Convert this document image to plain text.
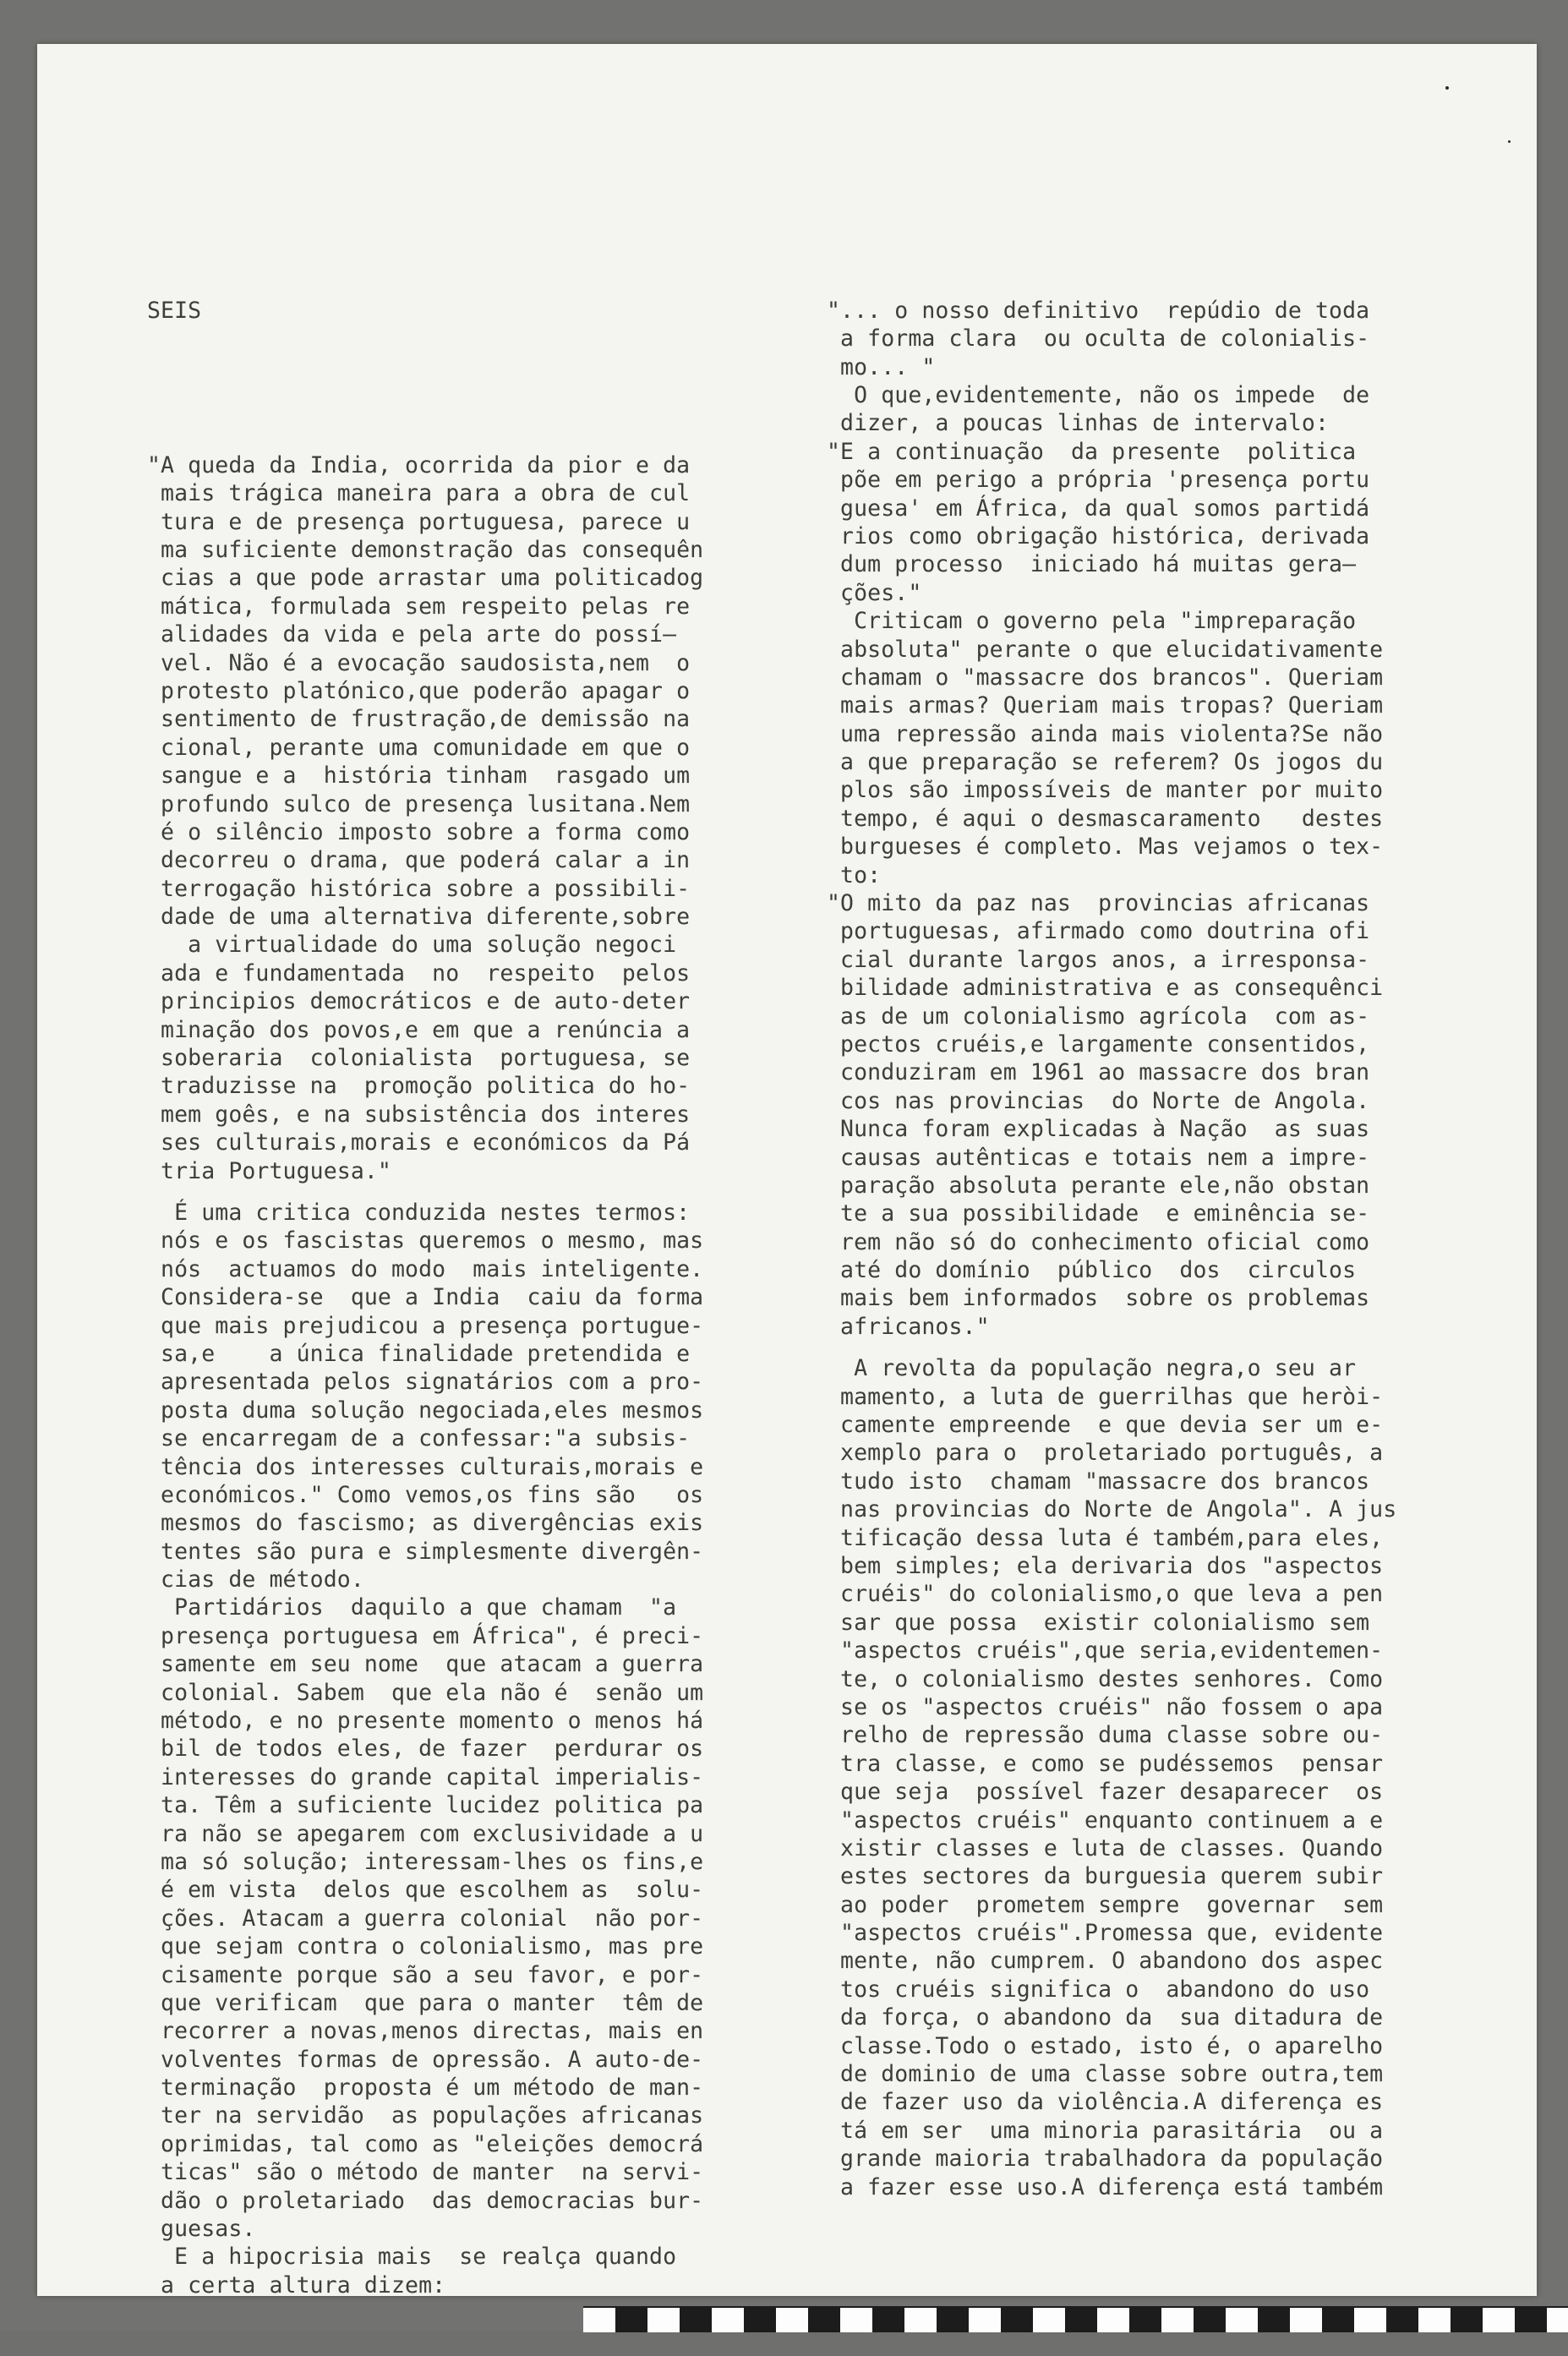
SEIS

"A queda da India, ocorrida da pior e da
mais trágica maneira para a obra de cul
tura e de presença portuguesa, parece u
ma suficiente demonstração das consequên
cias a que pode arrastar uma politicadog
mática, formulada sem respeito pelas re
alidades da vida e pela arte do possí—
vel. Não é a evocação saudosista,nem  o
protesto platónico,que poderão apagar o
sentimento de frustração,de demissão na
cional, perante uma comunidade em que o
sangue e a  história tinham  rasgado um
profundo sulco de presença lusitana.Nem
é o silêncio imposto sobre a forma como
decorreu o drama, que poderá calar a in
terrogação histórica sobre a possibili-
dade de uma alternativa diferente,sobre
a virtualidade do uma solução negoci
ada e fundamentada  no  respeito  pelos
principios democráticos e de auto-deter
minação dos povos,e em que a renúncia a
soberaria  colonialista  portuguesa, se
traduzisse na  promoção politica do ho-
mem goês, e na subsistência dos interes
ses culturais,morais e económicos da Pá
tria Portuguesa."
É uma critica conduzida nestes termos:
nós e os fascistas queremos o mesmo, mas
nós  actuamos do modo  mais inteligente.
Considera-se  que a India  caiu da forma
que mais prejudicou a presença portugue-
sa,e    a única finalidade pretendida e
apresentada pelos signatários com a pro-
posta duma solução negociada,eles mesmos
se encarregam de a confessar:"a subsis-
tência dos interesses culturais,morais e
económicos." Como vemos,os fins são   os
mesmos do fascismo; as divergências exis
tentes são pura e simplesmente divergên-
cias de método.
Partidários  daquilo a que chamam  "a
presença portuguesa em África", é preci-
samente em seu nome  que atacam a guerra
colonial. Sabem  que ela não é  senão um
método, e no presente momento o menos há
bil de todos eles, de fazer  perdurar os
interesses do grande capital imperialis-
ta. Têm a suficiente lucidez politica pa
ra não se apegarem com exclusividade a u
ma só solução; interessam-lhes os fins,e
é em vista  delos que escolhem as  solu-
ções. Atacam a guerra colonial  não por-
que sejam contra o colonialismo, mas pre
cisamente porque são a seu favor, e por-
que verificam  que para o manter  têm de
recorrer a novas,menos directas, mais en
volventes formas de opressão. A auto-de-
terminação  proposta é um método de man-
ter na servidão  as populações africanas
oprimidas, tal como as "eleições democrá
ticas" são o método de manter  na servi-
dão o proletariado  das democracias bur-
guesas.
E a hipocrisia mais  se realça quando
a certa altura dizem:

"... o nosso definitivo  repúdio de toda
a forma clara  ou oculta de colonialis-
mo... "
O que,evidentemente, não os impede  de
dizer, a poucas linhas de intervalo:
"E a continuação  da presente  politica
põe em perigo a própria 'presença portu
guesa' em África, da qual somos partidá
rios como obrigação histórica, derivada
dum processo  iniciado há muitas gera—
ções."
Criticam o governo pela "impreparação
absoluta" perante o que elucidativamente
chamam o "massacre dos brancos". Queriam
mais armas? Queriam mais tropas? Queriam
uma repressão ainda mais violenta?Se não
a que preparação se referem? Os jogos du
plos são impossíveis de manter por muito
tempo, é aqui o desmascaramento   destes
burgueses é completo. Mas vejamos o tex-
to:
"O mito da paz nas  provincias africanas
portuguesas, afirmado como doutrina ofi
cial durante largos anos, a irresponsa-
bilidade administrativa e as consequênci
as de um colonialismo agrícola  com as-
pectos cruéis,e largamente consentidos,
conduziram em 1961 ao massacre dos bran
cos nas provincias  do Norte de Angola.
Nunca foram explicadas à Nação  as suas
causas autênticas e totais nem a impre-
paração absoluta perante ele,não obstan
te a sua possibilidade  e eminência se-
rem não só do conhecimento oficial como
até do domínio  público  dos  circulos
mais bem informados  sobre os problemas
africanos."
A revolta da população negra,o seu ar
mamento, a luta de guerrilhas que heròi-
camente empreende  e que devia ser um e-
xemplo para o  proletariado português, a
tudo isto  chamam "massacre dos brancos
nas provincias do Norte de Angola". A jus
tificação dessa luta é também,para eles,
bem simples; ela derivaria dos "aspectos
cruéis" do colonialismo,o que leva a pen
sar que possa  existir colonialismo sem
"aspectos cruéis",que seria,evidentemen-
te, o colonialismo destes senhores. Como
se os "aspectos cruéis" não fossem o apa
relho de repressão duma classe sobre ou-
tra classe, e como se pudéssemos  pensar
que seja  possível fazer desaparecer  os
"aspectos cruéis" enquanto continuem a e
xistir classes e luta de classes. Quando
estes sectores da burguesia querem subir
ao poder  prometem sempre  governar  sem
"aspectos cruéis".Promessa que, evidente
mente, não cumprem. O abandono dos aspec
tos cruéis significa o  abandono do uso
da força, o abandono da  sua ditadura de
classe.Todo o estado, isto é, o aparelho
de dominio de uma classe sobre outra,tem
de fazer uso da violência.A diferença es
tá em ser  uma minoria parasitária  ou a
grande maioria trabalhadora da população
a fazer esse uso.A diferença está também
